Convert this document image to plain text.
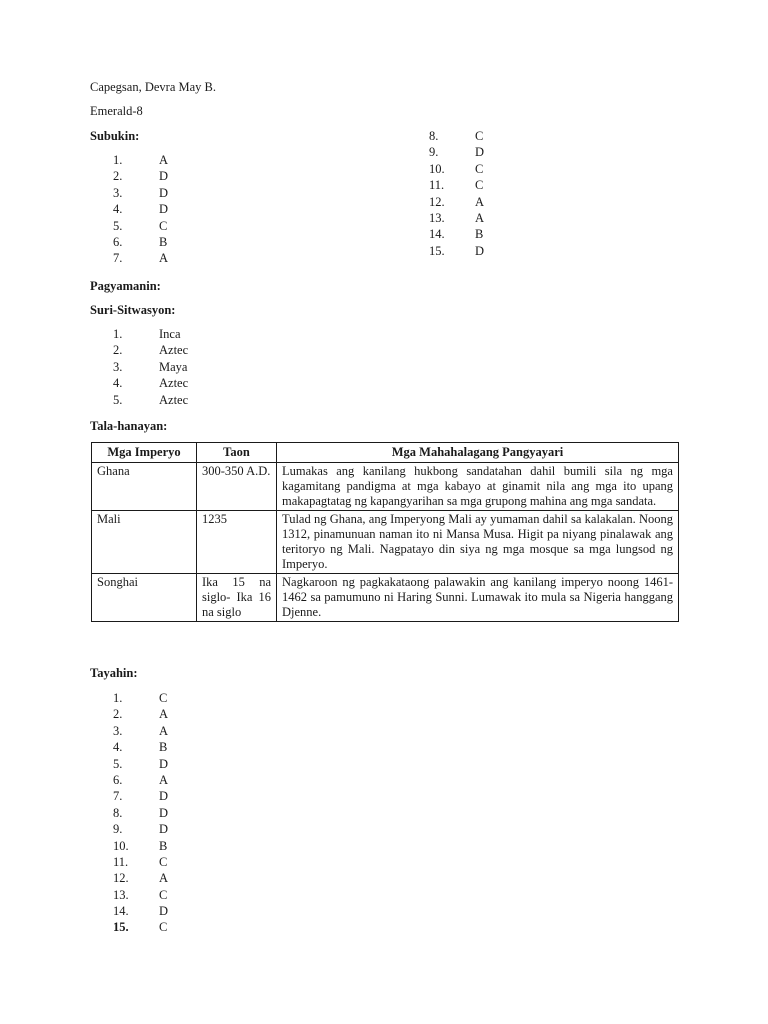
Capegsan, Devra May B.
Emerald-8
Subukin:
1.	A
2.	D
3.	D
4.	D
5.	C
6.	B
7.	A
8.	C
9.	D
10. C
11. C
12. A
13. A
14. B
15. D
Pagyamanin:
Suri-Sitwasyon:
1.	Inca
2.	Aztec
3.	Maya
4.	Aztec
5.	Aztec
Tala-hanayan:
Mga Imperyo	Taon	Mga Mahahalagang Pangyayari
Ghana	300-350 A.D.	Lumakas ang kanilang hukbong sandatahan dahil bumili sila ng mga kagamitang pandigma at mga kabayo at ginamit nila ang mga ito upang makapagtatag ng kapangyarihan sa mga grupong mahina ang mga sandata.
Mali	1235	Tulad ng Ghana, ang Imperyong Mali ay yumaman dahil sa kalakalan. Noong 1312, pinamunuan naman ito ni Mansa Musa. Higit pa niyang pinalawak ang teritoryo ng Mali. Nagpatayo din siya ng mga mosque sa mga lungsod ng Imperyo.
Songhai	Ika 15 na siglo- Ika 16 na siglo	Nagkaroon ng pagkakataong palawakin ang kanilang imperyo noong 1461-1462 sa pamumuno ni Haring Sunni. Lumawak ito mula sa Nigeria hanggang Djenne.
Tayahin:
1.	C
2.	A
3.	A
4.	B
5.	D
6.	A
7.	D
8.	D
9.	D
10. B
11. C
12. A
13. C
14. D
15. C
